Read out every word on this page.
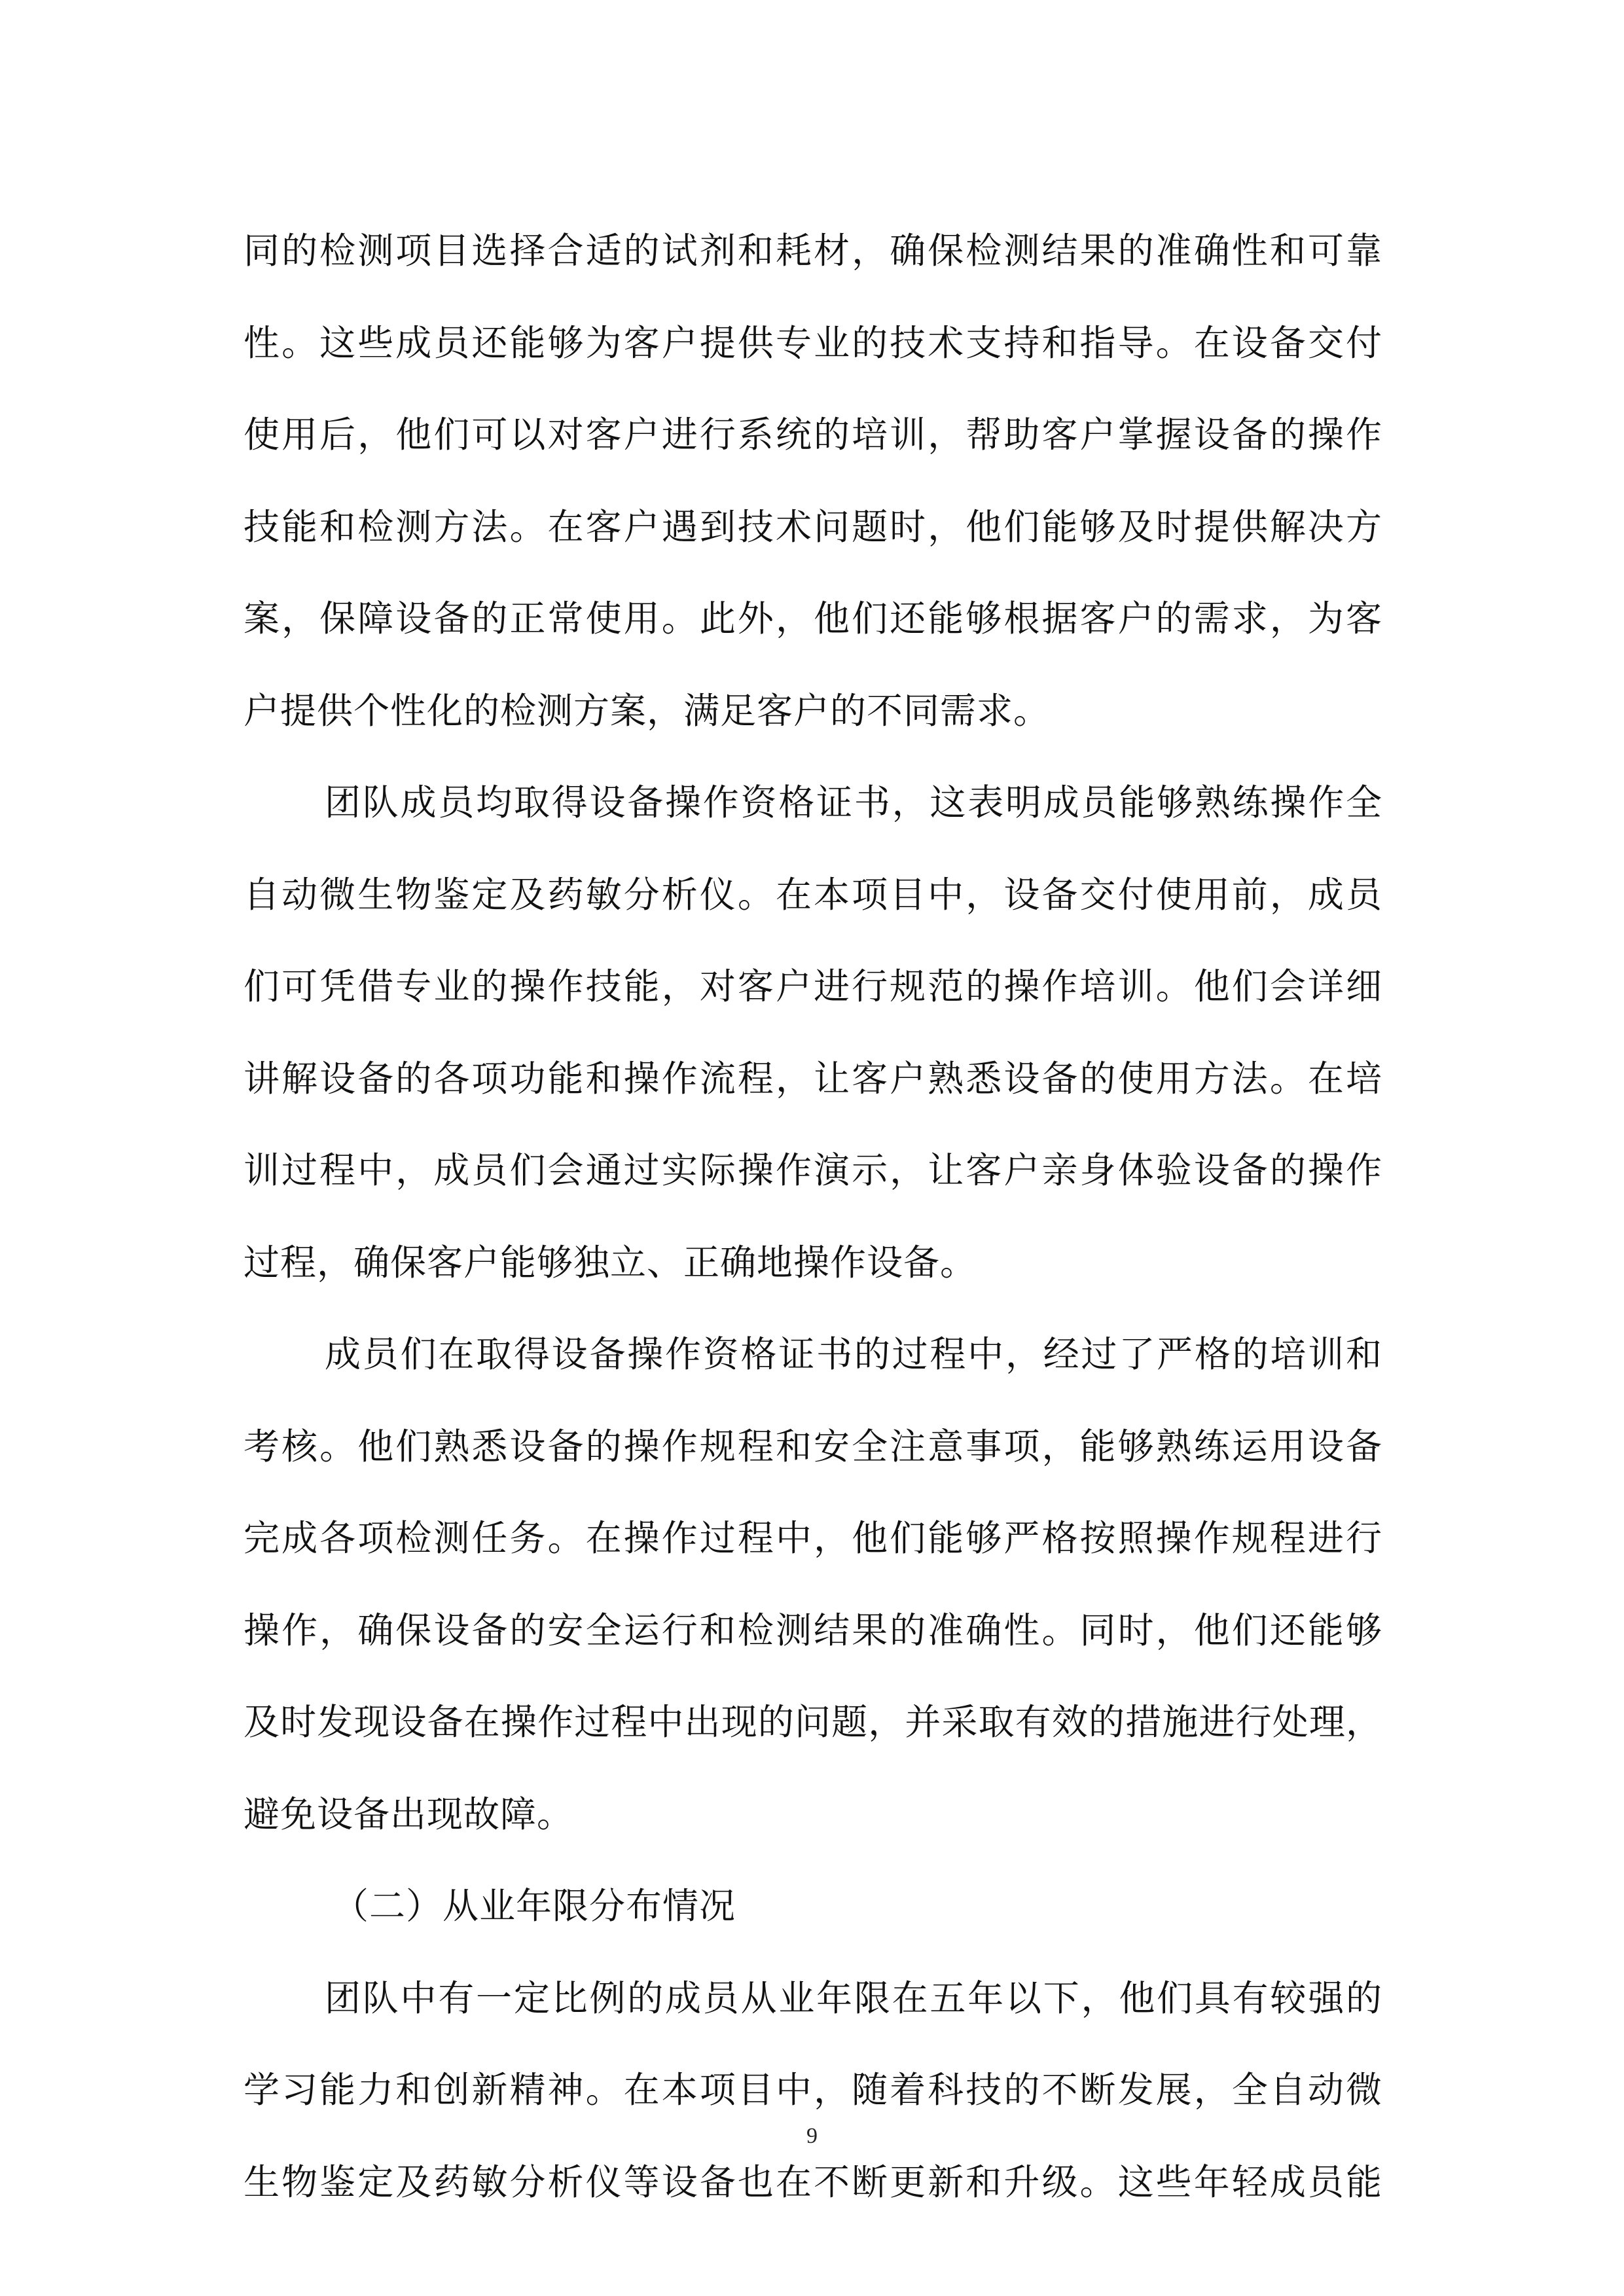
同的检测项目选择合适的试剂和耗材，确保检测结果的准确性和可靠
性。这些成员还能够为客户提供专业的技术支持和指导。在设备交付
使用后，他们可以对客户进行系统的培训，帮助客户掌握设备的操作
技能和检测方法。在客户遇到技术问题时，他们能够及时提供解决方
案，保障设备的正常使用。此外，他们还能够根据客户的需求，为客
户提供个性化的检测方案，满足客户的不同需求。
团队成员均取得设备操作资格证书，这表明成员能够熟练操作全
自动微生物鉴定及药敏分析仪。在本项目中，设备交付使用前，成员
们可凭借专业的操作技能，对客户进行规范的操作培训。他们会详细
讲解设备的各项功能和操作流程，让客户熟悉设备的使用方法。在培
训过程中，成员们会通过实际操作演示，让客户亲身体验设备的操作
过程，确保客户能够独立、正确地操作设备。
成员们在取得设备操作资格证书的过程中，经过了严格的培训和
考核。他们熟悉设备的操作规程和安全注意事项，能够熟练运用设备
完成各项检测任务。在操作过程中，他们能够严格按照操作规程进行
操作，确保设备的安全运行和检测结果的准确性。同时，他们还能够
及时发现设备在操作过程中出现的问题，并采取有效的措施进行处理，
避免设备出现故障。
（二）从业年限分布情况
团队中有一定比例的成员从业年限在五年以下，他们具有较强的
学习能力和创新精神。在本项目中，随着科技的不断发展，全自动微
生物鉴定及药敏分析仪等设备也在不断更新和升级。这些年轻成员能
9
